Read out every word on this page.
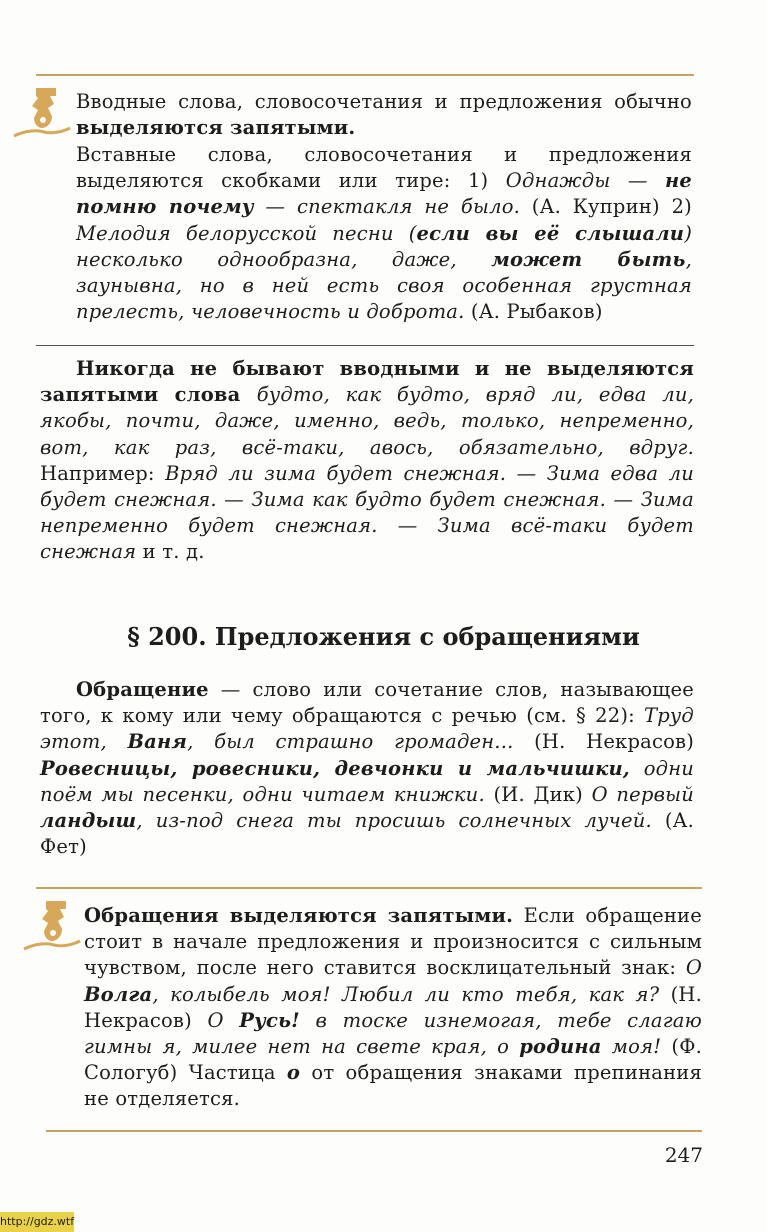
Вводные слова, словосочетания и предложения обычно выделяются запятыми.
Вставные слова, словосочетания и предложения выделяются скобками или тире: 1) Однажды — не помню почему — спектакля не было. (А. Куприн) 2) Мелодия белорусской песни (если вы её слышали) несколько однообразна, даже, может быть, заунывна, но в ней есть своя особенная грустная прелесть, человечность и доброта. (А. Рыбаков)
Никогда не бывают вводными и не выделяются запятыми слова будто, как будто, вряд ли, едва ли, якобы, почти, даже, именно, ведь, только, непременно, вот, как раз, всё-таки, авось, обязательно, вдруг. Например: Вряд ли зима будет снежная. — Зима едва ли будет снежная. — Зима как будто будет снежная. — Зима непременно будет снежная. — Зима всё-таки будет снежная и т. д.
§ 200. Предложения с обращениями
Обращение — слово или сочетание слов, называющее того, к кому или чему обращаются с речью (см. § 22): Труд этот, Ваня, был страшно громаден... (Н. Некрасов) Ровесницы, ровесники, девчонки и мальчишки, одни поём мы песенки, одни читаем книжки. (И. Дик) О первый ландыш, из-под снега ты просишь солнечных лучей. (А. Фет)
Обращения выделяются запятыми. Если обращение стоит в начале предложения и произносится с сильным чувством, после него ставится восклицательный знак: О Волга, колыбель моя! Любил ли кто тебя, как я? (Н. Некрасов) О Русь! в тоске изнемогая, тебе слагаю гимны я, милее нет на свете края, о родина моя! (Ф. Сологуб) Частица о от обращения знаками препинания не отделяется.
247
http://gdz.wtf
